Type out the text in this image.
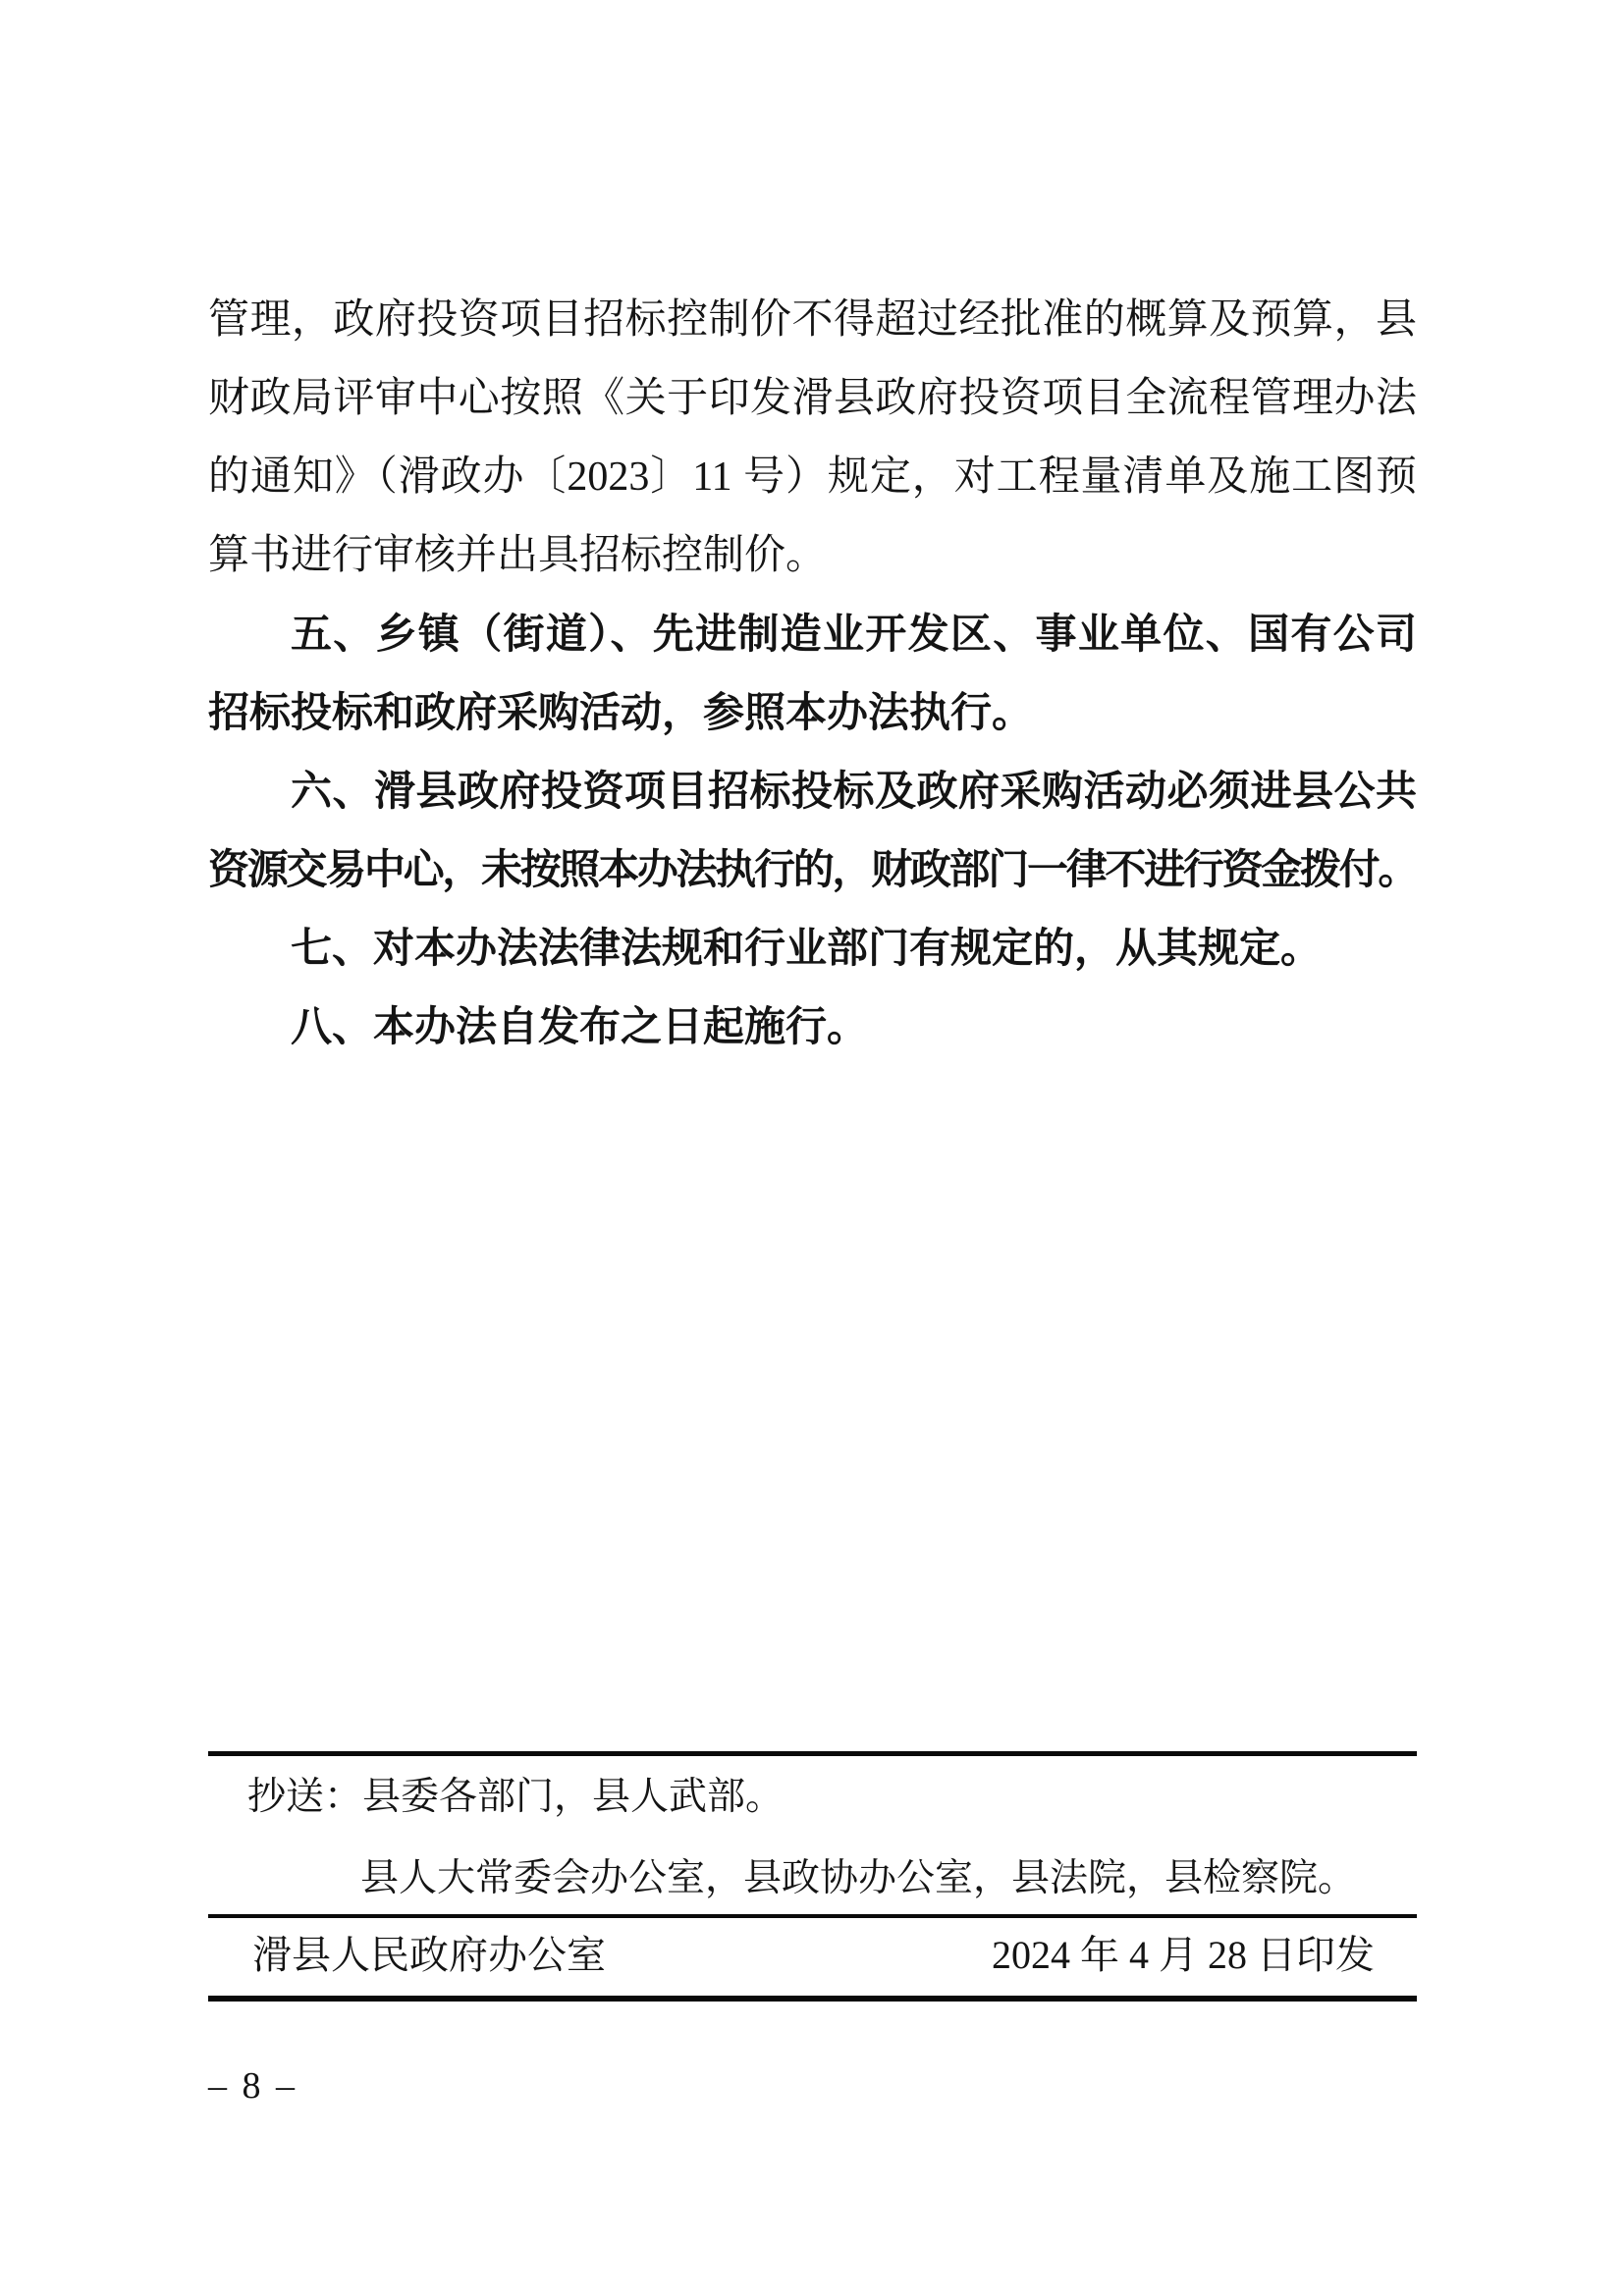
管理，政府投资项目招标控制价不得超过经批准的概算及预算，县
财政局评审中心按照《关于印发滑县政府投资项目全流程管理办法
的通知》（滑政办〔2023〕11 号）规定，对工程量清单及施工图预
算书进行审核并出具招标控制价。
五、乡镇（街道）、先进制造业开发区、事业单位、国有公司
招标投标和政府采购活动，参照本办法执行。
六、滑县政府投资项目招标投标及政府采购活动必须进县公共
资源交易中心，未按照本办法执行的，财政部门一律不进行资金拨付。
七、对本办法法律法规和行业部门有规定的，从其规定。
八、本办法自发布之日起施行。
抄送：县委各部门，县人武部。
县人大常委会办公室，县政协办公室，县法院，县检察院。
滑县人民政府办公室	2024 年 4 月 28 日印发
– 8 –
